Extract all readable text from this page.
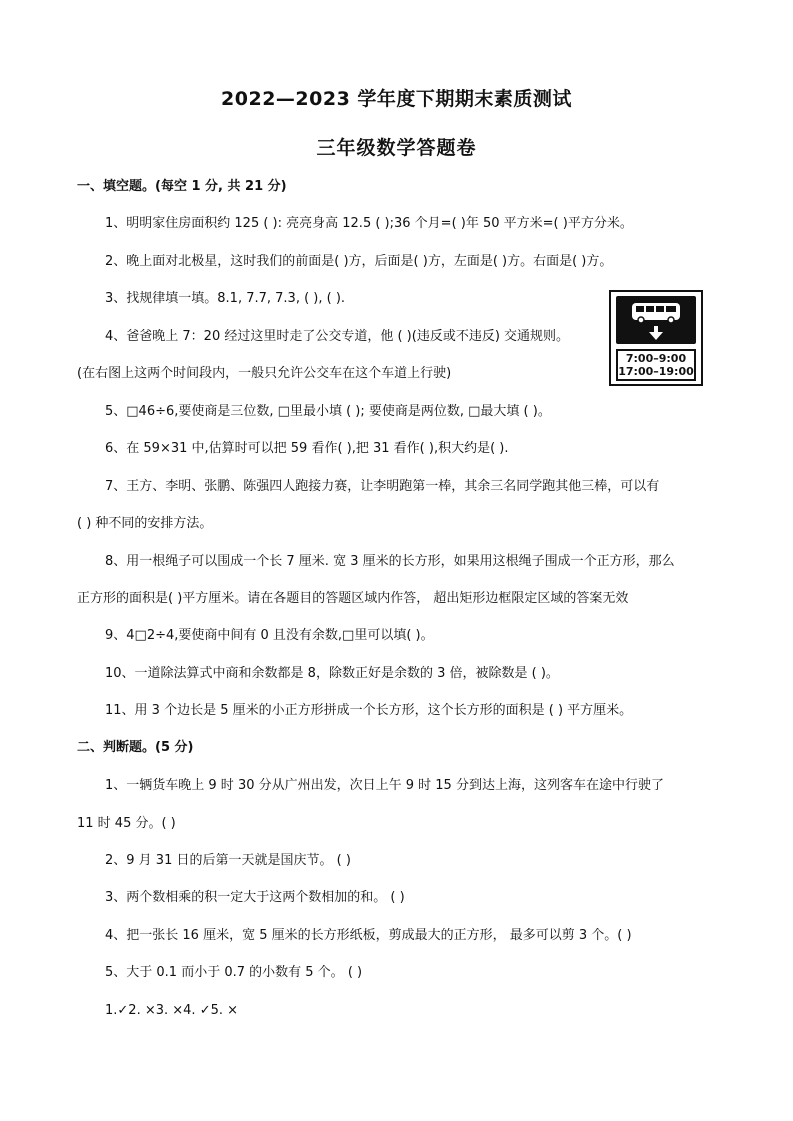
2022—2023 学年度下期期末素质测试
三年级数学答题卷
一、填空题。(每空 1 分, 共 21 分)
1、明明家住房面积约 125 ( ): 亮亮身高 12.5 ( );36 个月=( )年 50 平方米=( )平方分米。
2、晚上面对北极星，这时我们的前面是( )方，后面是( )方，左面是( )方。右面是( )方。
3、找规律填一填。8.1, 7.7, 7.3, ( ), ( ).
4、爸爸晚上 7：20 经过这里时走了公交专道，他 ( )(违反或不违反) 交通规则。
(在右图上这两个时间段内，一般只允许公交车在这个车道上行驶)
5、□46÷6,要使商是三位数, □里最小填 ( ); 要使商是两位数, □最大填 ( )。
6、在 59×31 中,估算时可以把 59 看作( ),把 31 看作( ),积大约是( ).
7、王方、李明、张鹏、陈强四人跑接力赛，让李明跑第一棒，其余三名同学跑其他三棒，可以有
( ) 种不同的安排方法。
8、用一根绳子可以围成一个长 7 厘米. 宽 3 厘米的长方形，如果用这根绳子围成一个正方形，那么
正方形的面积是( )平方厘米。请在各题目的答题区域内作答， 超出矩形边框限定区域的答案无效
9、4□2÷4,要使商中间有 0 且没有余数,□里可以填( )。
10、一道除法算式中商和余数都是 8，除数正好是余数的 3 倍，被除数是 ( )。
11、用 3 个边长是 5 厘米的小正方形拼成一个长方形，这个长方形的面积是 ( ) 平方厘米。
二、判断题。(5 分)
1、一辆货车晚上 9 时 30 分从广州出发，次日上午 9 时 15 分到达上海，这列客车在途中行驶了
11 时 45 分。( )
2、9 月 31 日的后第一天就是国庆节。 ( )
3、两个数相乘的积一定大于这两个数相加的和。 ( )
4、把一张长 16 厘米，宽 5 厘米的长方形纸板，剪成最大的正方形， 最多可以剪 3 个。( )
5、大于 0.1 而小于 0.7 的小数有 5 个。 ( )
1.✓2. ×3. ×4. ✓5. ×
7:00–9:00
17:00–19:00
